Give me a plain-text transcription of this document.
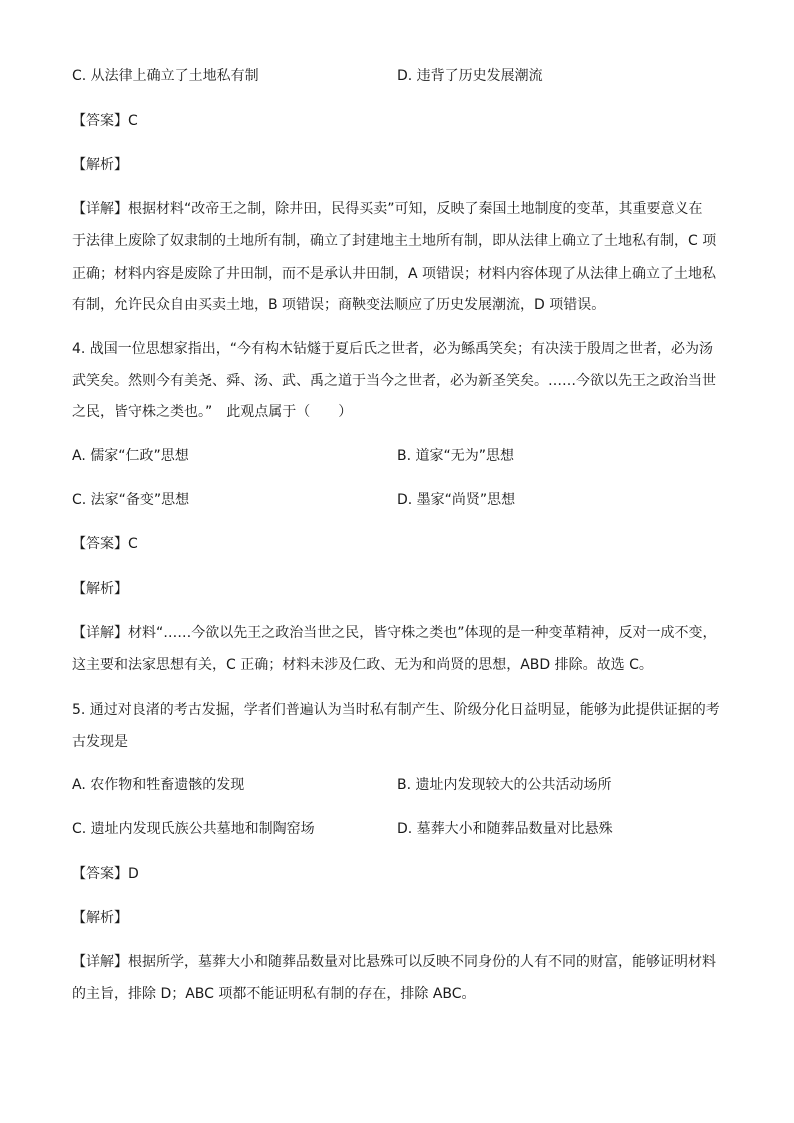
C. 从法律上确立了土地私有制	D. 违背了历史发展潮流
【答案】C
【解析】
【详解】根据材料“改帝王之制，除井田，民得买卖”可知，反映了秦国土地制度的变革，其重要意义在
于法律上废除了奴隶制的土地所有制，确立了封建地主土地所有制，即从法律上确立了土地私有制，C 项
正确；材料内容是废除了井田制，而不是承认井田制，A 项错误；材料内容体现了从法律上确立了土地私
有制，允许民众自由买卖土地，B 项错误；商鞅变法顺应了历史发展潮流，D 项错误。
4. 战国一位思想家指出，“今有构木钻燧于夏后氏之世者，必为鲧禹笑矣；有决渎于殷周之世者，必为汤
武笑矣。然则今有美尧、舜、汤、武、禹之道于当今之世者，必为新圣笑矣。……今欲以先王之政治当世
之民，皆守株之类也。”　此观点属于（　　）
A. 儒家“仁政”思想	B. 道家“无为”思想
C. 法家“备变”思想	D. 墨家“尚贤”思想
【答案】C
【解析】
【详解】材料“……今欲以先王之政治当世之民，皆守株之类也”体现的是一种变革精神，反对一成不变，
这主要和法家思想有关，C 正确；材料未涉及仁政、无为和尚贤的思想，ABD 排除。故选 C。
5. 通过对良渚的考古发掘，学者们普遍认为当时私有制产生、阶级分化日益明显，能够为此提供证据的考
古发现是
A. 农作物和牲畜遗骸的发现	B. 遗址内发现较大的公共活动场所
C. 遗址内发现氏族公共墓地和制陶窑场	D. 墓葬大小和随葬品数量对比悬殊
【答案】D
【解析】
【详解】根据所学，墓葬大小和随葬品数量对比悬殊可以反映不同身份的人有不同的财富，能够证明材料
的主旨，排除 D；ABC 项都不能证明私有制的存在，排除 ABC。
